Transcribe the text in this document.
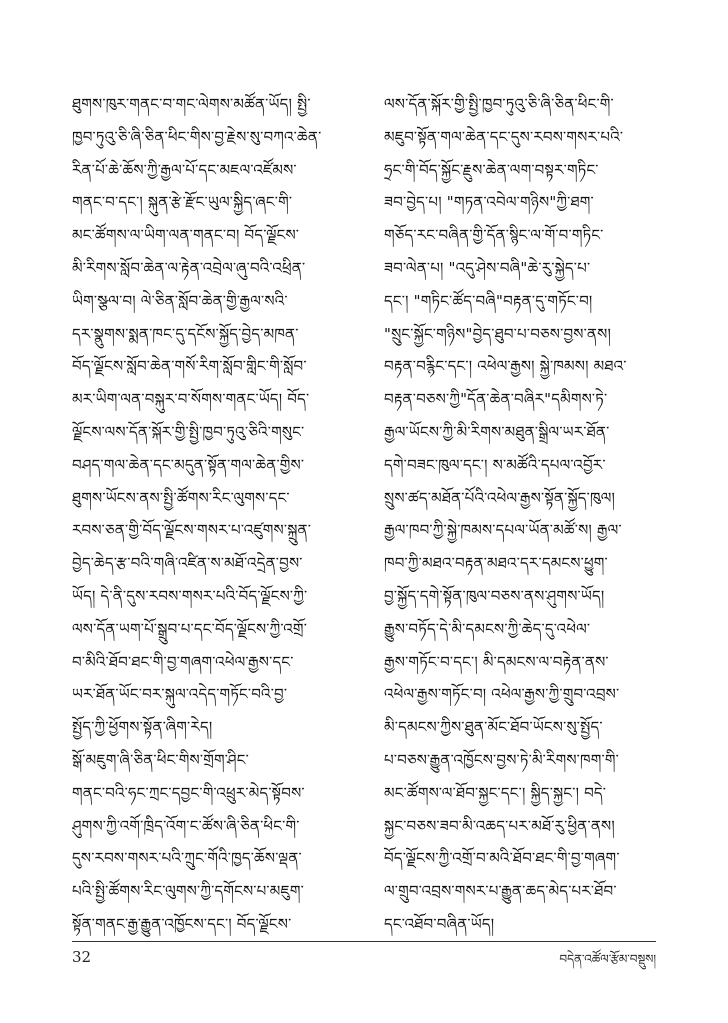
ཐུགས་ཁུར་གནང་བ་གང་ལེགས་མཚོན་ཡོད། སྤྱི་
ཁྱབ་ཏུའུ་ཅི་ཞི་ཅིན་ཕིང་གིས་བྱ་རྗེས་སུ་བཀའ་ཆེན་
རིན་པོ་ཆེ་ཆོས་ཀྱི་རྒྱལ་པོ་དང་མཇལ་འཛོམས་
གནང་བ་དང་། སྐུན་རྩེ་རྫོང་ཡུལ་སྐྱིད་ཞང་གི་
མང་ཚོགས་ལ་ཡིག་ལན་གནང་བ། བོད་ལྗོངས་
མི་རིགས་སློབ་ཆེན་ལ་རྟེན་འབྲེལ་ཞུ་བའི་འཕྲིན་
ཡིག་སྩལ་བ། ལེ་ཅིན་སློབ་ཆེན་གྱི་རྒྱལ་སའི་
དར་སྣུགས་སྨན་ཁང་དུ་དངོས་སྐྱོད་བྱེད་མཁན་
བོད་ལྗོངས་སློབ་ཆེན་གསོ་རིག་སློབ་གླིང་གི་སློབ་
མར་ཡིག་ལན་བསྐུར་བ་སོགས་གནང་ཡོད། བོད་
ལྗོངས་ལས་དོན་སྐོར་གྱི་སྤྱི་ཁྱབ་ཏུའུ་ཅིའི་གསུང་
བཤད་གལ་ཆེན་དང་མདུན་སྟོན་གལ་ཆེན་གྱིས་
ཐུགས་ཡོངས་ནས་སྤྱི་ཚོགས་རིང་ལུགས་དང་
རབས་ཅན་གྱི་བོད་ལྗོངས་གསར་པ་འཛུགས་སྐྲུན་
བྱེད་ཆེད་རྩ་བའི་གཞི་འཛིན་ས་མཐོ་འདྲེན་བྱས་
ཡོད། དེ་ནི་དུས་རབས་གསར་པའི་བོད་ལྗོངས་ཀྱི་
ལས་དོན་ཡག་པོ་སྒྲུབ་པ་དང་བོད་ལྗོངས་ཀྱི་འགྲོ་
བ་མིའི་ཐོབ་ཐང་གི་བྱ་གཞག་འཕེལ་རྒྱས་དང་
ཡར་ཐོན་ཡོང་བར་སྐུལ་འདེད་གཏོང་བའི་བྱ་
སྤྱོད་ཀྱི་ཕྱོགས་སྟོན་ཞིག་རེད།
སྒོ་མཇུག་ཞི་ཅིན་ཕིང་གིས་གྲོག་ཤིང་
གནང་བའི་ཧང་ཀྲང་དབྱང་གི་འཕྲུར་མེད་སྟོབས་
ཤུགས་ཀྱི་འགོ་ཁྲིད་འོག་ང་ཚོས་ཞི་ཅིན་ཕིང་གི་
དུས་རབས་གསར་པའི་ཀྲུང་གོའི་ཁྱད་ཆོས་ལྡན་
པའི་སྤྱི་ཚོགས་རིང་ལུགས་ཀྱི་དགོངས་པ་མཇུག་
སྟོན་གནང་རྒྱ་རྒྱུན་འཁྱོངས་དང་། བོད་ལྗོངས་
ལས་དོན་སྐོར་གྱི་སྤྱི་ཁྱབ་ཏུའུ་ཅི་ཞི་ཅིན་ཕིང་གི་
མཇུབ་སྟོན་གལ་ཆེན་དང་དུས་རབས་གསར་པའི་
ཧྲང་གི་བོད་སྐྱོང་རྗུས་ཆེན་ལག་བསྟར་གཏིང་
ཟབ་བྱེད་པ། "གཏན་འབེལ་གཉིས"ཀྱི་ཐག་
གཅོད་རང་བཞིན་གྱི་དོན་སྙིང་ལ་གོ་བ་གཏིང་
ཟབ་ལེན་པ། "འདུ་ཤེས་བཞི"ཆེ་རུ་སྐྱེད་པ་
དང་། "གཏིང་ཚོད་བཞི"བརྟན་དུ་གཏོང་བ།
"སྲུང་སྐྱོང་གཉིས"བྱེད་ཐུབ་པ་བཅས་བྱས་ནས།
བརྟན་བརྙིང་དང་། འཕེལ་རྒྱས། སྐྱེ་ཁམས། མཐའ་
བརྟན་བཅས་ཀྱི"དོན་ཆེན་བཞིར"དམིགས་ཏེ་
རྒྱལ་ཡོངས་ཀྱི་མི་རིགས་མཐུན་སྒྲིལ་ཡར་ཐོན་
དགེ་བཟང་ཁུལ་དང་། ས་མཚོའི་དཔལ་འབྱོར་
སྲུས་ཚད་མཐོན་པོའི་འཕེལ་རྒྱས་སྟོན་སྐྱོད་ཁུལ།
རྒྱལ་ཁབ་ཀྱི་སྐྱེ་ཁམས་དཔལ་ཡོན་མཚོ་ས། རྒྱལ་
ཁབ་ཀྱི་མཐའ་བརྟན་མཐའ་དར་དམངས་ཕྱུག་
བྱ་སྐྱོད་དགེ་སྟོན་ཁུལ་བཅས་ནས་ཤུགས་ཡོད།
རྒྱུས་བཏོད་དེ་མི་དམངས་ཀྱི་ཆེད་དུ་འཕེལ་
རྒྱས་གཏོང་བ་དང་། མི་དམངས་ལ་བརྟེན་ནས་
འཕེལ་རྒྱས་གཏོང་བ། འཕེལ་རྒྱས་ཀྱི་གྲུབ་འབྲས་
མི་དམངས་ཀྱིས་ཐུན་མོང་ཐོབ་ཡོངས་སུ་སྤྱོད་
པ་བཅས་རྒྱུན་འཁྱོངས་བྱས་ཏེ་མི་རིགས་ཁག་གི་
མང་ཚོགས་ལ་ཐོབ་སྐྱང་དང་། སྐྱིད་སྐྱང་། བདེ་
སྐྱང་བཅས་ཟབ་མི་འཆད་པར་མཐོ་རུ་ཕྱིན་ནས།
བོད་ལྗོངས་ཀྱི་འགྲོ་བ་མའི་ཐོབ་ཐང་གི་བྱ་གཞག་
ལ་གྲུབ་འབྲས་གསར་པ་རྒྱུན་ཆད་མེད་པར་ཐོབ་
དང་འཐོབ་བཞིན་ཡོད།
32	བདེན་འཚོལ་རྩོམ་བསྡུས།
